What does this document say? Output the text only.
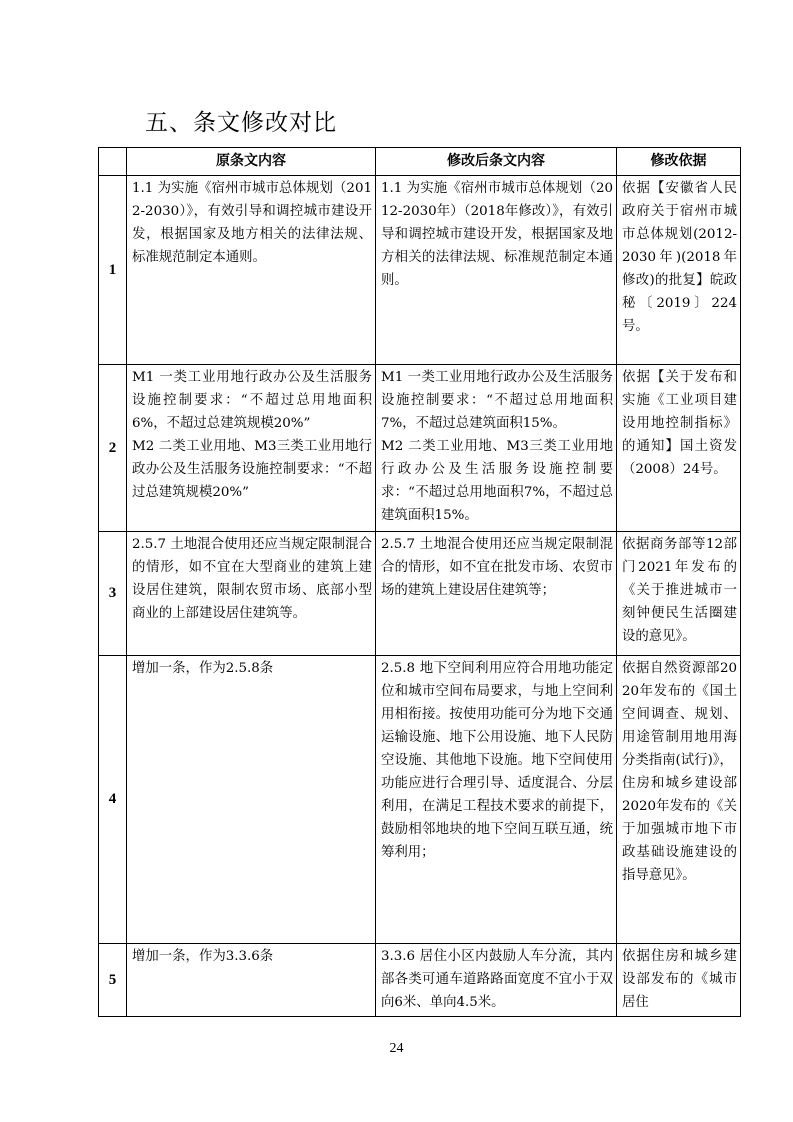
五、条文修改对比
	原条文内容	修改后条文内容	修改依据
1	1.1 为实施《宿州市城市总体规划（2012-2030）》，有效引导和调控城市建设开发，根据国家及地方相关的法律法规、标准规范制定本通则。	1.1 为实施《宿州市城市总体规划（2012-2030年）（2018年修改）》，有效引导和调控城市建设开发，根据国家及地方相关的法律法规、标准规范制定本通则。	依据【安徽省人民政府关于宿州市城市总体规划(2012-2030年)(2018年修改)的批复】皖政秘〔2019〕224号。

2	M1 一类工业用地行政办公及生活服务设施控制要求：“不超过总用地面积6%，不超过总建筑规模20%”
M2 二类工业用地、M3三类工业用地行政办公及生活服务设施控制要求：“不超过总建筑规模20%”	M1 一类工业用地行政办公及生活服务设施控制要求：“不超过总用地面积7%，不超过总建筑面积15%。
M2 二类工业用地、M3三类工业用地行政办公及生活服务设施控制要求：“不超过总用地面积7%，不超过总建筑面积15%。	依据【关于发布和实施《工业项目建设用地控制指标》的通知】国土资发（2008）24号。

3	2.5.7 土地混合使用还应当规定限制混合的情形，如不宜在大型商业的建筑上建设居住建筑，限制农贸市场、底部小型商业的上部建设居住建筑等。	2.5.7 土地混合使用还应当规定限制混合的情形，如不宜在批发市场、农贸市场的建筑上建设居住建筑等；	依据商务部等12部门2021年发布的《关于推进城市一刻钟便民生活圈建设的意见》。

4	增加一条，作为2.5.8条	2.5.8 地下空间利用应符合用地功能定位和城市空间布局要求，与地上空间利用相衔接。按使用功能可分为地下交通运输设施、地下公用设施、地下人民防空设施、其他地下设施。地下空间使用功能应进行合理引导、适度混合、分层利用，在满足工程技术要求的前提下，鼓励相邻地块的地下空间互联互通，统筹利用；	依据自然资源部2020年发布的《国土空间调查、规划、用途管制用地用海分类指南(试行)》，
住房和城乡建设部2020年发布的《关于加强城市地下市政基础设施建设的指导意见》。

5	增加一条，作为3.3.6条	3.3.6 居住小区内鼓励人车分流，其内部各类可通车道路路面宽度不宜小于双向6米、单向4.5米。	依据住房和城乡建设部发布的《城市居住
24
